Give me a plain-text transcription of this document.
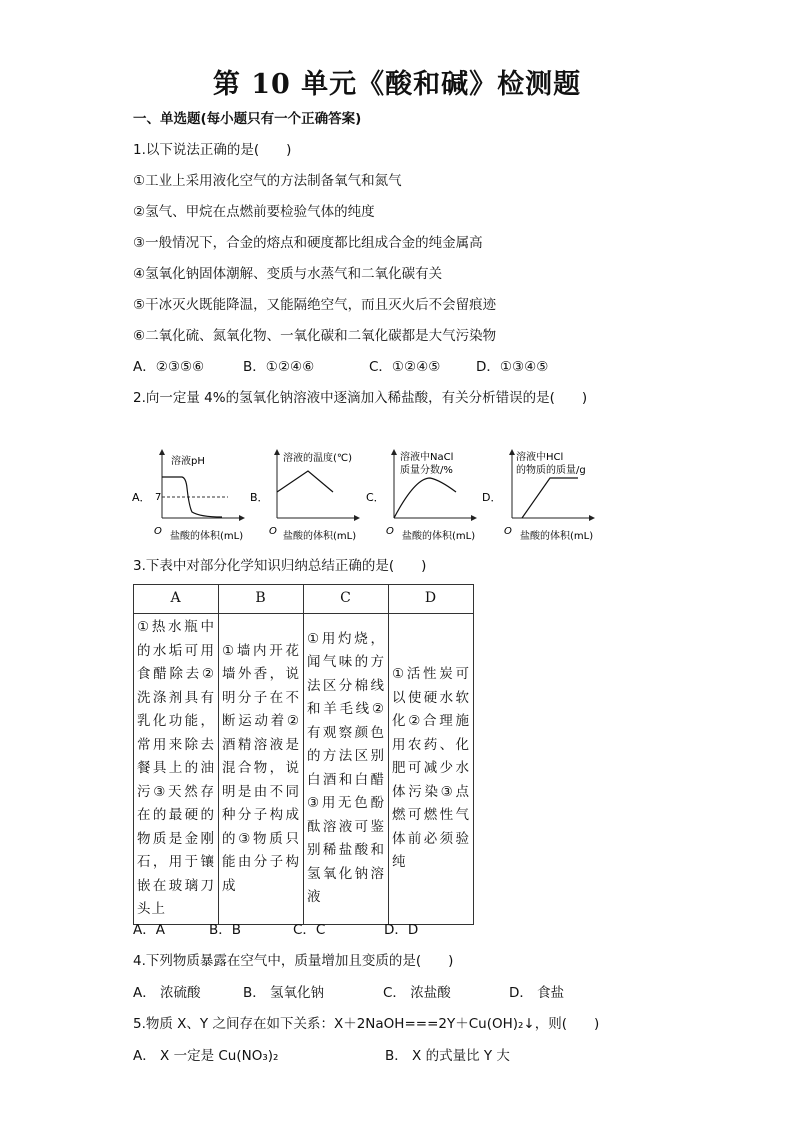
第 10 单元《酸和碱》检测题
一、单选题(每小题只有一个正确答案)
1.以下说法正确的是(　　)
①工业上采用液化空气的方法制备氧气和氮气
②氢气、甲烷在点燃前要检验气体的纯度
③一般情况下，合金的熔点和硬度都比组成合金的纯金属高
④氢氧化钠固体潮解、变质与水蒸气和二氧化碳有关
⑤干冰灭火既能降温，又能隔绝空气，而且灭火后不会留痕迹
⑥二氧化硫、氮氧化物、一氧化碳和二氧化碳都是大气污染物
A．②③⑤⑥	B．①②④⑥	C．①②④⑤	D．①③④⑤
2.向一定量 4%的氢氧化钠溶液中逐滴加入稀盐酸，有关分析错误的是(　　)
A．
溶液pH
7
O 盐酸的体积(mL)
B．
溶液的温度(℃)
O 盐酸的体积(mL)
C．
溶液中NaCl
质量分数/%
O 盐酸的体积(mL)
D．
溶液中HCl
的物质的质量/g
O 盐酸的体积(mL)
3.下表中对部分化学知识归纳总结正确的是(　　)
A	B	C	D
①热水瓶中的水垢可用食醋除去②洗涤剂具有乳化功能，常用来除去餐具上的油污③天然存在的最硬的物质是金刚石，用于镶嵌在玻璃刀头上	①墙内开花墙外香，说明分子在不断运动着②酒精溶液是混合物，说明是由不同种分子构成的③物质只能由分子构成	①用灼烧，闻气味的方法区分棉线和羊毛线②有观察颜色的方法区别白酒和白醋③用无色酚酞溶液可鉴别稀盐酸和氢氧化钠溶液	①活性炭可以使硬水软化②合理施用农药、化肥可减少水体污染③点燃可燃性气体前必须验纯
A．A	B．B	C．C	D．D
4.下列物质暴露在空气中，质量增加且变质的是(　　)
A． 浓硫酸	B． 氢氧化钠	C． 浓盐酸	D． 食盐
5.物质 X、Y 之间存在如下关系：X＋2NaOH===2Y＋Cu(OH)₂↓，则(　　)
A． X 一定是 Cu(NO₃)₂	B． X 的式量比 Y 大
